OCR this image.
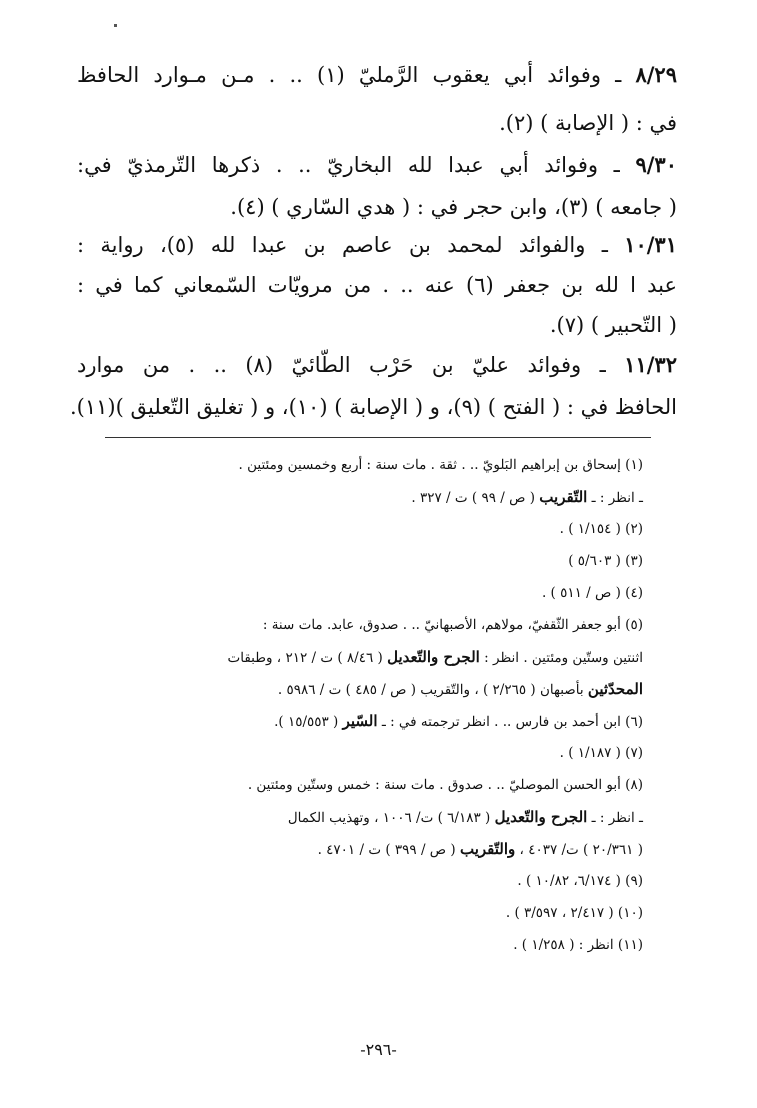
٨/٢٩ ـ وفوائد أبي يعقوب الرَّمليّ (١) .. . مـن مـوارد الحافظ
في : ( الإصابة ) (٢).
٩/٣٠ ـ وفوائد أبي عبدا لله البخاريّ .. . ذكرها التّرمذيّ في:
( جامعه ) (٣)، وابن حجر في : ( هدي السّاري ) (٤).
١٠/٣١ ـ والفوائد لمحمد بن عاصم بن عبدا لله (٥)، رواية :
عبد ا لله بن جعفر (٦) عنه .. . من مرويّات السّمعاني كما في :
( التّحبير ) (٧).
١١/٣٢ ـ وفوائد عليّ بن حَرْب الطّائيّ (٨) .. . من موارد
الحافظ في : ( الفتح ) (٩)، و ( الإصابة ) (١٠)، و ( تغليق التّعليق )(١١).
(١) إسحاق بن إبراهيم البَلويّ .. . ثقة . مات سنة : أربع وخمسين ومئتين .
ـ انظر : ـ التّقريب ( ص / ٩٩ ) ت / ٣٢٧ .
(٢) ( ١/١٥٤ ) .
(٣) ( ٥/٦٠٣ )
(٤) ( ص / ٥١١ ) .
(٥) أبو جعفر الثّقفيّ، مولاهم، الأصبهانيّ .. . صدوق، عابد. مات سنة :
اثنتين وستّين ومئتين . انظر : الجرح والتّعديل ( ٨/٤٦ ) ت / ٢١٢ ، وطبقات
المحدّثين بأصبهان ( ٢/٢٦٥ ) ، والتّقريب ( ص / ٤٨٥ ) ت / ٥٩٨٦ .
(٦) ابن أحمد بن فارس .. . انظر ترجمته في : ـ السّير ( ١٥/٥٥٣ ).
(٧) ( ١/١٨٧ ) .
(٨) أبو الحسن الموصليّ .. . صدوق . مات سنة : خمس وستّين ومئتين .
ـ انظر : ـ الجرح والتّعديل ( ٦/١٨٣ ) ت/ ١٠٠٦ ، وتهذيب الكمال
( ٢٠/٣٦١ ) ت/ ٤٠٣٧ ، والتّقريب ( ص / ٣٩٩ ) ت / ٤٧٠١ .
(٩) ( ٦/١٧٤، ١٠/٨٢ ) .
(١٠) ( ٢/٤١٧ ، ٣/٥٩٧ ) .
(١١) انظر : ( ١/٢٥٨ ) .
-٢٩٦-
